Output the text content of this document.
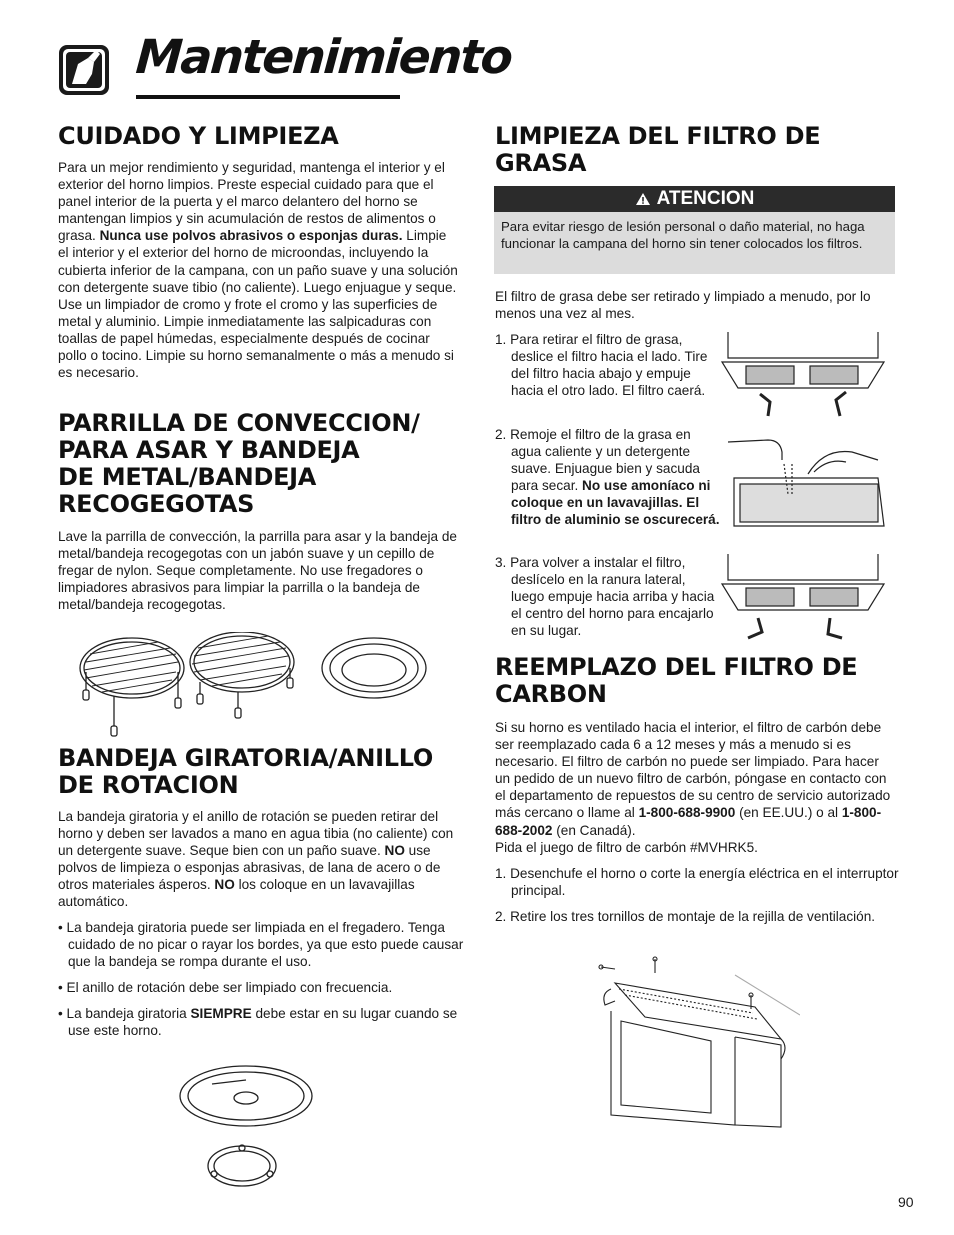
Mantenimiento
CUIDADO Y LIMPIEZA

Para un mejor rendimiento y seguridad, mantenga el interior y el exterior del horno limpios. Preste especial cuidado para que el panel interior de la puerta y el marco delantero del horno se mantengan limpios y sin acumulación de restos de alimentos o grasa. Nunca use polvos abrasivos o esponjas duras. Limpie el interior y el exterior del horno de microondas, incluyendo la cubierta inferior de la campana, con un paño suave y una solución con detergente suave tibio (no caliente). Luego enjuague y seque. Use un limpiador de cromo y frote el cromo y las superficies de metal y aluminio. Limpie inmediatamente las salpicaduras con toallas de papel húmedas, especialmente después de cocinar pollo o tocino. Limpie su horno semanalmente o más a menudo si es necesario.

PARRILLA DE CONVECCION/
PARA ASAR Y BANDEJA
DE METAL/BANDEJA
RECOGEGOTAS

Lave la parrilla de convección, la parrilla para asar y la bandeja de metal/bandeja recogegotas con un jabón suave y un cepillo de fregar de nylon. Seque completamente. No use fregadores o limpiadores abrasivos para limpiar la parrilla o la bandeja de metal/bandeja recogegotas.

BANDEJA GIRATORIA/ANILLO
DE ROTACION

La bandeja giratoria y el anillo de rotación se pueden retirar del horno y deben ser lavados a mano en agua tibia (no caliente) con un detergente suave. Seque bien con un paño suave. NO use polvos de limpieza o esponjas abrasivas, de lana de acero o de otros materiales ásperos. NO los coloque en un lavavajillas automático.

• La bandeja giratoria puede ser limpiada en el fregadero. Tenga cuidado de no picar o rayar los bordes, ya que esto puede causar que la bandeja se rompa durante el uso.

• El anillo de rotación debe ser limpiado con frecuencia.

• La bandeja giratoria SIEMPRE debe estar en su lugar cuando se use este horno.

LIMPIEZA DEL FILTRO DE
GRASA
ATENCION
Para evitar riesgo de lesión personal o daño material, no haga funcionar la campana del horno sin tener colocados los filtros.

El filtro de grasa debe ser retirado y limpiado a menudo, por lo menos una vez al mes.

1. Para retirar el filtro de grasa, deslice el filtro hacia el lado. Tire del filtro hacia abajo y empuje hacia el otro lado. El filtro caerá.

2. Remoje el filtro de la grasa en agua caliente y un detergente suave. Enjuague bien y sacuda para secar. No use amoníaco ni coloque en un lavavajillas. El filtro de aluminio se oscurecerá.

3. Para volver a instalar el filtro, deslícelo en la ranura lateral, luego empuje hacia arriba y hacia el centro del horno para encajarlo en su lugar.

REEMPLAZO DEL FILTRO DE
CARBON

Si su horno es ventilado hacia el interior, el filtro de carbón debe ser reemplazado cada 6 a 12 meses y más a menudo si es necesario. El filtro de carbón no puede ser limpiado. Para hacer un pedido de un nuevo filtro de carbón, póngase en contacto con el departamento de repuestos de su centro de servicio autorizado más cercano o llame al 1-800-688-9900 (en EE.UU.) o al 1-800-688-2002 (en Canadá).
Pida el juego de filtro de carbón #MVHRK5.

1. Desenchufe el horno o corte la energía eléctrica en el interruptor principal.

2. Retire los tres tornillos de montaje de la rejilla de ventilación.

90
